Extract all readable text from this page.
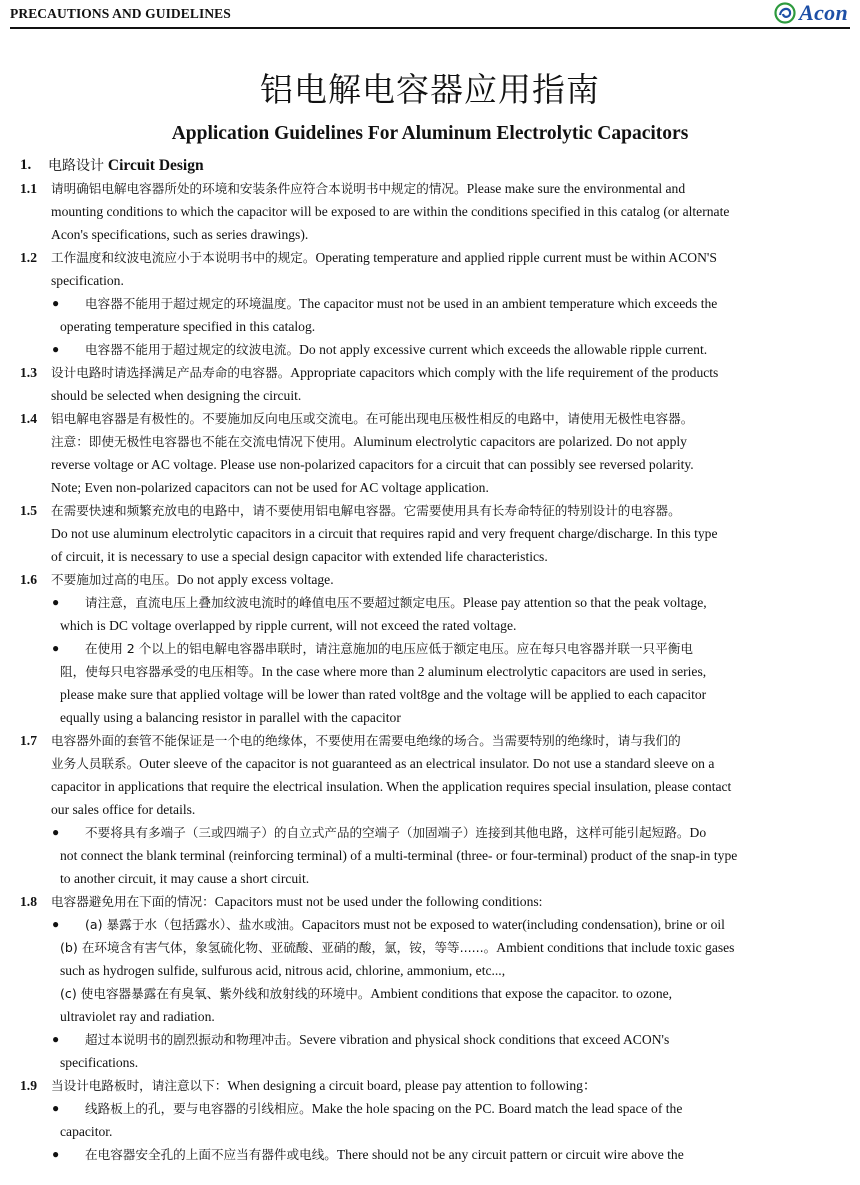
PRECAUTIONS AND GUIDELINES	Acon
铝电解电容器应用指南
Application Guidelines For Aluminum Electrolytic Capacitors
1. 电路设计 Circuit Design
1.1 请明确铝电解电容器所处的环境和安装条件应符合本说明书中规定的情况。Please make sure the environmental and
mounting conditions to which the capacitor will be exposed to are within the conditions specified in this catalog (or alternate
Acon's specifications, such as series drawings).
1.2 工作温度和纹波电流应小于本说明书中的规定。Operating temperature and applied ripple current must be within ACON'S
specification.
● 电容器不能用于超过规定的环境温度。The capacitor must not be used in an ambient temperature which exceeds the
operating temperature specified in this catalog.
● 电容器不能用于超过规定的纹波电流。Do not apply excessive current which exceeds the allowable ripple current.
1.3 设计电路时请选择满足产品寿命的电容器。Appropriate capacitors which comply with the life requirement of the products
should be selected when designing the circuit.
1.4 铝电解电容器是有极性的。不要施加反向电压或交流电。在可能出现电压极性相反的电路中，请使用无极性电容器。
注意：即使无极性电容器也不能在交流电情况下使用。Aluminum electrolytic capacitors are polarized. Do not apply
reverse voltage or AC voltage. Please use non-polarized capacitors for a circuit that can possibly see reversed polarity.
Note; Even non-polarized capacitors can not be used for AC voltage application.
1.5 在需要快速和频繁充放电的电路中，请不要使用铝电解电容器。它需要使用具有长寿命特征的特别设计的电容器。
Do not use aluminum electrolytic capacitors in a circuit that requires rapid and very frequent charge/discharge. In this type
of circuit, it is necessary to use a special design capacitor with extended life characteristics.
1.6 不要施加过高的电压。Do not apply excess voltage.
● 请注意，直流电压上叠加纹波电流时的峰值电压不要超过额定电压。Please pay attention so that the peak voltage,
which is DC voltage overlapped by ripple current, will not exceed the rated voltage.
● 在使用 2 个以上的铝电解电容器串联时，请注意施加的电压应低于额定电压。应在每只电容器并联一只平衡电
阻，使每只电容器承受的电压相等。In the case where more than 2 aluminum electrolytic capacitors are used in series,
please make sure that applied voltage will be lower than rated volt8ge and the voltage will be applied to each capacitor
equally using a balancing resistor in parallel with the capacitor
1.7 电容器外面的套管不能保证是一个电的绝缘体，不要使用在需要电绝缘的场合。当需要特别的绝缘时，请与我们的
业务人员联系。Outer sleeve of the capacitor is not guaranteed as an electrical insulator. Do not use a standard sleeve on a
capacitor in applications that require the electrical insulation. When the application requires special insulation, please contact
our sales office for details.
● 不要将具有多端子（三或四端子）的自立式产品的空端子（加固端子）连接到其他电路，这样可能引起短路。Do
not connect the blank terminal (reinforcing terminal) of a multi-terminal (three- or four-terminal) product of the snap-in type
to another circuit, it may cause a short circuit.
1.8 电容器避免用在下面的情况：Capacitors must not be used under the following conditions:
● (a) 暴露于水（包括露水）、盐水或油。Capacitors must not be exposed to water(including condensation), brine or oil
(b) 在环境含有害气体，象氢硫化物、亚硫酸、亚硝的酸，氯，铵，等等......。Ambient conditions that include toxic gases
such as hydrogen sulfide, sulfurous acid, nitrous acid, chlorine, ammonium, etc...,
(c) 使电容器暴露在有臭氧、紫外线和放射线的环境中。Ambient conditions that expose the capacitor. to ozone,
ultraviolet ray and radiation.
● 超过本说明书的剧烈振动和物理冲击。Severe vibration and physical shock conditions that exceed ACON's
specifications.
1.9 当设计电路板时，请注意以下：When designing a circuit board, please pay attention to following：
● 线路板上的孔，要与电容器的引线相应。Make the hole spacing on the PC. Board match the lead space of the
capacitor.
● 在电容器安全孔的上面不应当有器件或电线。There should not be any circuit pattern or circuit wire above the
